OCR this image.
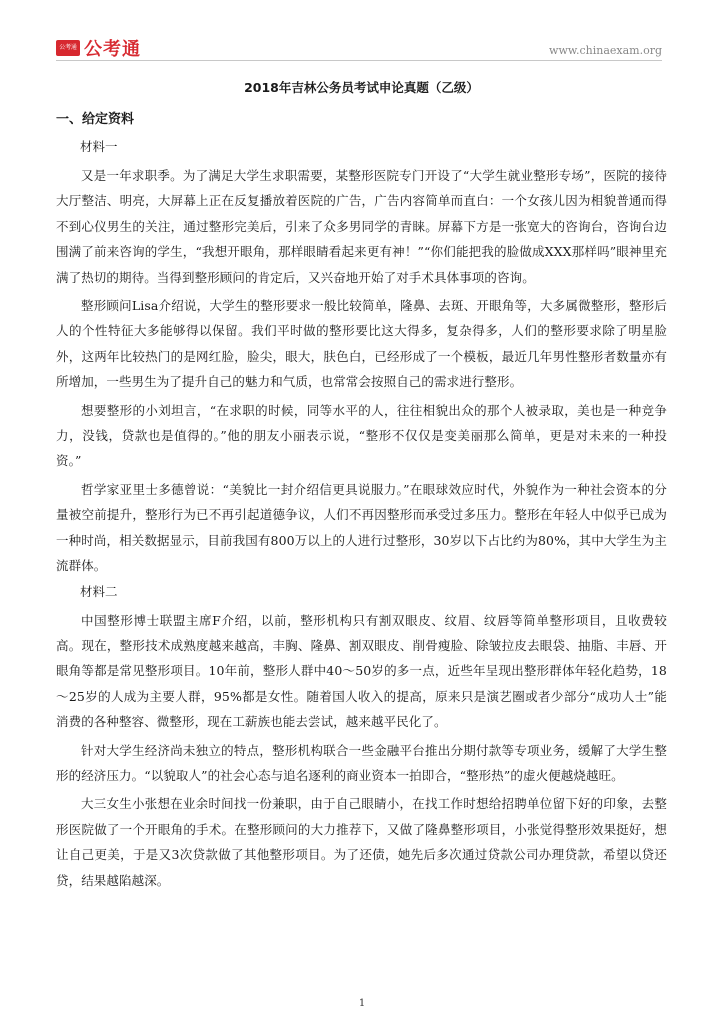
公考通 公考通	www.chinaexam.org
2018年吉林公务员考试申论真题（乙级）
一、给定资料
材料一

又是一年求职季。为了满足大学生求职需要，某整形医院专门开设了“大学生就业整形专场”，医院的接待大厅整洁、明亮，大屏幕上正在反复播放着医院的广告，广告内容简单而直白：一个女孩儿因为相貌普通而得不到心仪男生的关注，通过整形完美后，引来了众多男同学的青睐。屏幕下方是一张宽大的咨询台，咨询台边围满了前来咨询的学生，“我想开眼角，那样眼睛看起来更有神！”“你们能把我的脸做成XXX那样吗”眼神里充满了热切的期待。当得到整形顾问的肯定后，又兴奋地开始了对手术具体事项的咨询。

整形顾问Lisa介绍说，大学生的整形要求一般比较简单，隆鼻、去斑、开眼角等，大多属微整形，整形后人的个性特征大多能够得以保留。我们平时做的整形要比这大得多，复杂得多，人们的整形要求除了明星脸外，这两年比较热门的是网红脸，脸尖，眼大，肤色白，已经形成了一个模板，最近几年男性整形者数量亦有所增加，一些男生为了提升自己的魅力和气质，也常常会按照自己的需求进行整形。

想要整形的小刘坦言，“在求职的时候，同等水平的人，往往相貌出众的那个人被录取，美也是一种竞争力，没钱，贷款也是值得的。”他的朋友小丽表示说，“整形不仅仅是变美丽那么简单，更是对未来的一种投资。”

哲学家亚里士多德曾说：“美貌比一封介绍信更具说服力。”在眼球效应时代，外貌作为一种社会资本的分量被空前提升，整形行为已不再引起道德争议，人们不再因整形而承受过多压力。整形在年轻人中似乎已成为一种时尚，相关数据显示，目前我国有800万以上的人进行过整形，30岁以下占比约为80%，其中大学生为主流群体。

材料二

中国整形博士联盟主席F介绍，以前，整形机构只有割双眼皮、纹眉、纹唇等简单整形项目，且收费较高。现在，整形技术成熟度越来越高，丰胸、隆鼻、割双眼皮、削骨瘦脸、除皱拉皮去眼袋、抽脂、丰唇、开眼角等都是常见整形项目。10年前，整形人群中40～50岁的多一点，近些年呈现出整形群体年轻化趋势，18～25岁的人成为主要人群，95%都是女性。随着国人收入的提高，原来只是演艺圈或者少部分“成功人士”能消费的各种整容、微整形，现在工薪族也能去尝试，越来越平民化了。

针对大学生经济尚未独立的特点，整形机构联合一些金融平台推出分期付款等专项业务，缓解了大学生整形的经济压力。“以貌取人”的社会心态与追名逐利的商业资本一拍即合，“整形热”的虚火便越烧越旺。

大三女生小张想在业余时间找一份兼职，由于自己眼睛小，在找工作时想给招聘单位留下好的印象，去整形医院做了一个开眼角的手术。在整形顾问的大力推荐下，又做了隆鼻整形项目，小张觉得整形效果挺好，想让自己更美，于是又3次贷款做了其他整形项目。为了还债，她先后多次通过贷款公司办理贷款，希望以贷还贷，结果越陷越深。

1
